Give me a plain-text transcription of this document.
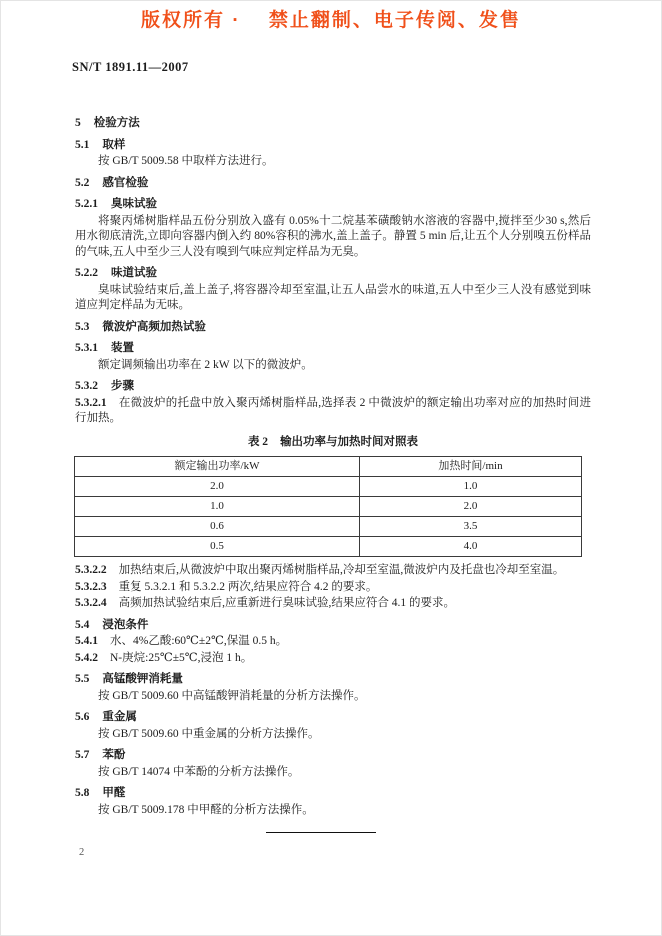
版权所有 ·　 禁止翻制、电子传阅、发售
SN/T 1891.11—2007
5 检验方法
5.1 取样

按 GB/T 5009.58 中取样方法进行。

5.2 感官检验
5.2.1 臭味试验

将聚丙烯树脂样品五份分别放入盛有 0.05%十二烷基苯磺酸钠水溶液的容器中,搅拌至少30 s,然后用水彻底清洗,立即向容器内倒入约 80%容积的沸水,盖上盖子。静置 5 min 后,让五个人分别嗅五份样品的气味,五人中至少三人没有嗅到气味应判定样品为无臭。

5.2.2 味道试验

臭味试验结束后,盖上盖子,将容器冷却至室温,让五人品尝水的味道,五人中至少三人没有感觉到味道应判定样品为无味。

5.3 微波炉高频加热试验
5.3.1 装置

额定调频输出功率在 2 kW 以下的微波炉。

5.3.2 步骤

5.3.2.1 在微波炉的托盘中放入聚丙烯树脂样品,选择表 2 中微波炉的额定输出功率对应的加热时间进行加热。

表 2 输出功率与加热时间对照表
额定输出功率/kW	加热时间/min
2.0	1.0
1.0	2.0
0.6	3.5
0.5	4.0

5.3.2.2 加热结束后,从微波炉中取出聚丙烯树脂样品,冷却至室温,微波炉内及托盘也冷却至室温。

5.3.2.3 重复 5.3.2.1 和 5.3.2.2 两次,结果应符合 4.2 的要求。

5.3.2.4 高频加热试验结束后,应重新进行臭味试验,结果应符合 4.1 的要求。

5.4 浸泡条件

5.4.1 水、4%乙酸:60℃±2℃,保温 0.5 h。

5.4.2 N-庚烷:25℃±5℃,浸泡 1 h。

5.5 高锰酸钾消耗量

按 GB/T 5009.60 中高锰酸钾消耗量的分析方法操作。

5.6 重金属

按 GB/T 5009.60 中重金属的分析方法操作。

5.7 苯酚

按 GB/T 14074 中苯酚的分析方法操作。

5.8 甲醛

按 GB/T 5009.178 中甲醛的分析方法操作。

2
